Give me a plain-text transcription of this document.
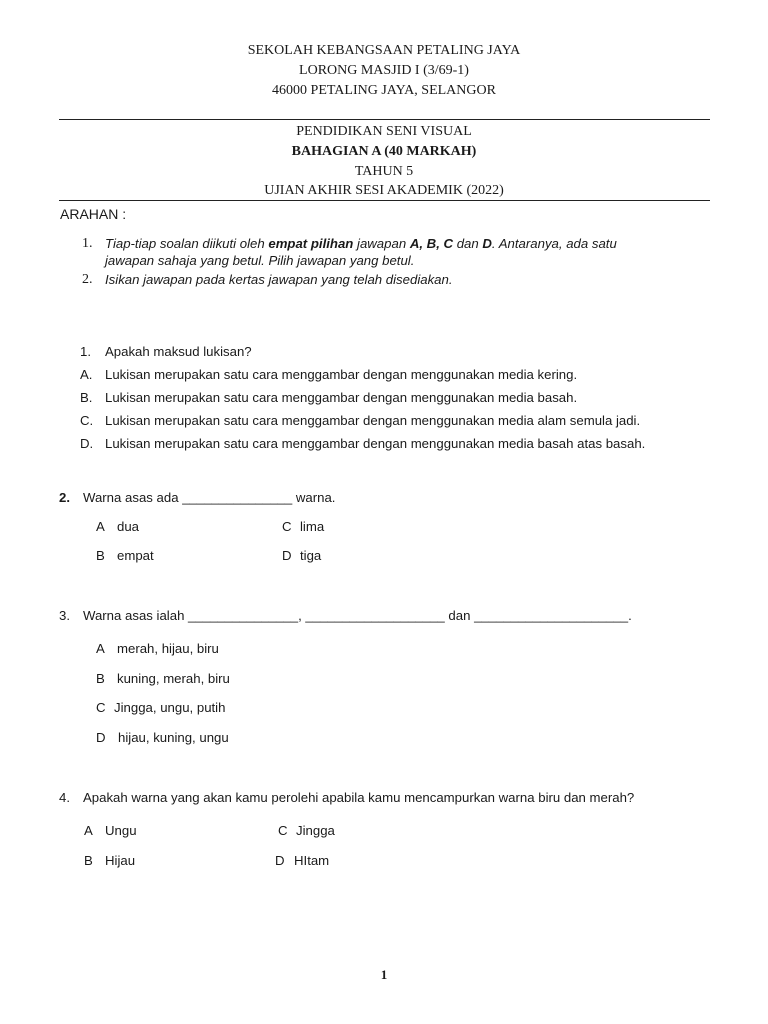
SEKOLAH KEBANGSAAN PETALING JAYA
LORONG MASJID I (3/69-1)
46000 PETALING JAYA, SELANGOR
PENDIDIKAN SENI VISUAL
BAHAGIAN A (40 MARKAH)
TAHUN 5
UJIAN AKHIR SESI AKADEMIK (2022)
ARAHAN :
1. Tiap-tiap soalan diikuti oleh empat pilihan jawapan A, B, C dan D. Antaranya, ada satu
jawapan sahaja yang betul. Pilih jawapan yang betul.
2. Isikan jawapan pada kertas jawapan yang telah disediakan.
1. Apakah maksud lukisan?
A. Lukisan merupakan satu cara menggambar dengan menggunakan media kering.
B. Lukisan merupakan satu cara menggambar dengan menggunakan media basah.
C. Lukisan merupakan satu cara menggambar dengan menggunakan media alam semula jadi.
D. Lukisan merupakan satu cara menggambar dengan menggunakan media basah atas basah.
2. Warna asas ada _______________ warna.
A dua	C lima
B empat	D tiga
3. Warna asas ialah _______________, ___________________ dan _____________________.
A merah, hijau, biru
B kuning, merah, biru
C Jingga, ungu, putih
D hijau, kuning, ungu
4. Apakah warna yang akan kamu perolehi apabila kamu mencampurkan warna biru dan merah?
A Ungu	C Jingga
B Hijau	D HItam
1
